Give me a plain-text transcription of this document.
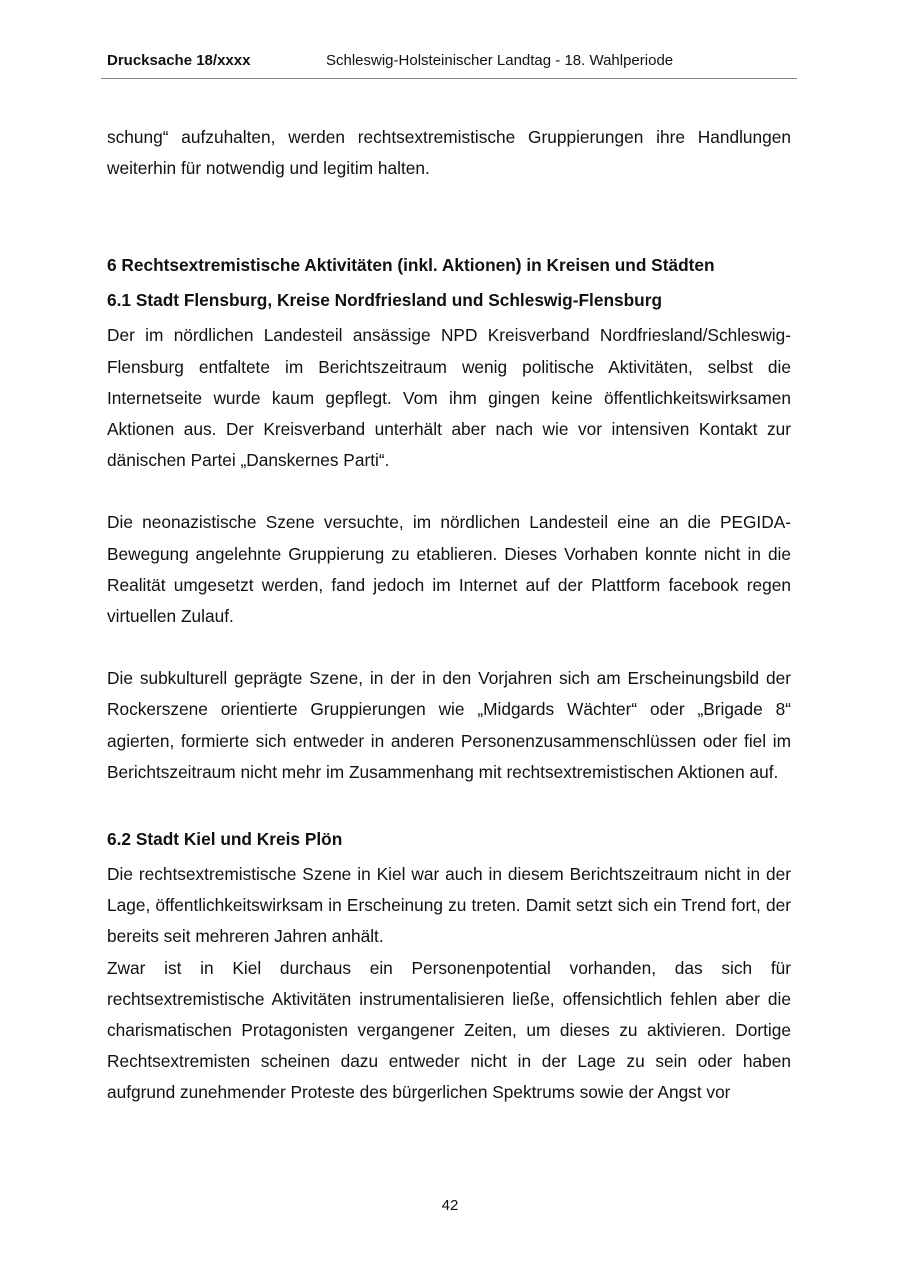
Drucksache 18/xxxx	Schleswig-Holsteinischer Landtag - 18. Wahlperiode

schung“ aufzuhalten, werden rechtsextremistische Gruppierungen ihre Handlungen weiterhin für notwendig und legitim halten.

6 Rechtsextremistische Aktivitäten (inkl. Aktionen) in Kreisen und Städten
6.1 Stadt Flensburg, Kreise Nordfriesland und Schleswig-Flensburg

Der im nördlichen Landesteil ansässige NPD Kreisverband Nordfriesland/Schleswig-Flensburg entfaltete im Berichtszeitraum wenig politische Aktivitäten, selbst die Internetseite wurde kaum gepflegt. Vom ihm gingen keine öffentlichkeitswirksamen Aktionen aus. Der Kreisverband unterhält aber nach wie vor intensiven Kontakt zur dänischen Partei „Danskernes Parti“.

Die neonazistische Szene versuchte, im nördlichen Landesteil eine an die PEGIDA-Bewegung angelehnte Gruppierung zu etablieren. Dieses Vorhaben konnte nicht in die Realität umgesetzt werden, fand jedoch im Internet auf der Plattform facebook regen virtuellen Zulauf.

Die subkulturell geprägte Szene, in der in den Vorjahren sich am Erscheinungsbild der Rockerszene orientierte Gruppierungen wie „Midgards Wächter“ oder „Brigade 8“ agierten, formierte sich entweder in anderen Personenzusammenschlüssen oder fiel im Berichtszeitraum nicht mehr im Zusammenhang mit rechtsextremistischen Aktionen auf.

6.2 Stadt Kiel und Kreis Plön

Die rechtsextremistische Szene in Kiel war auch in diesem Berichtszeitraum nicht in der Lage, öffentlichkeitswirksam in Erscheinung zu treten. Damit setzt sich ein Trend fort, der bereits seit mehreren Jahren anhält.

Zwar ist in Kiel durchaus ein Personenpotential vorhanden, das sich für rechtsextremistische Aktivitäten instrumentalisieren ließe, offensichtlich fehlen aber die charismatischen Protagonisten vergangener Zeiten, um dieses zu aktivieren. Dortige Rechtsextremisten scheinen dazu entweder nicht in der Lage zu sein oder haben aufgrund zunehmender Proteste des bürgerlichen Spektrums sowie der Angst vor

42
